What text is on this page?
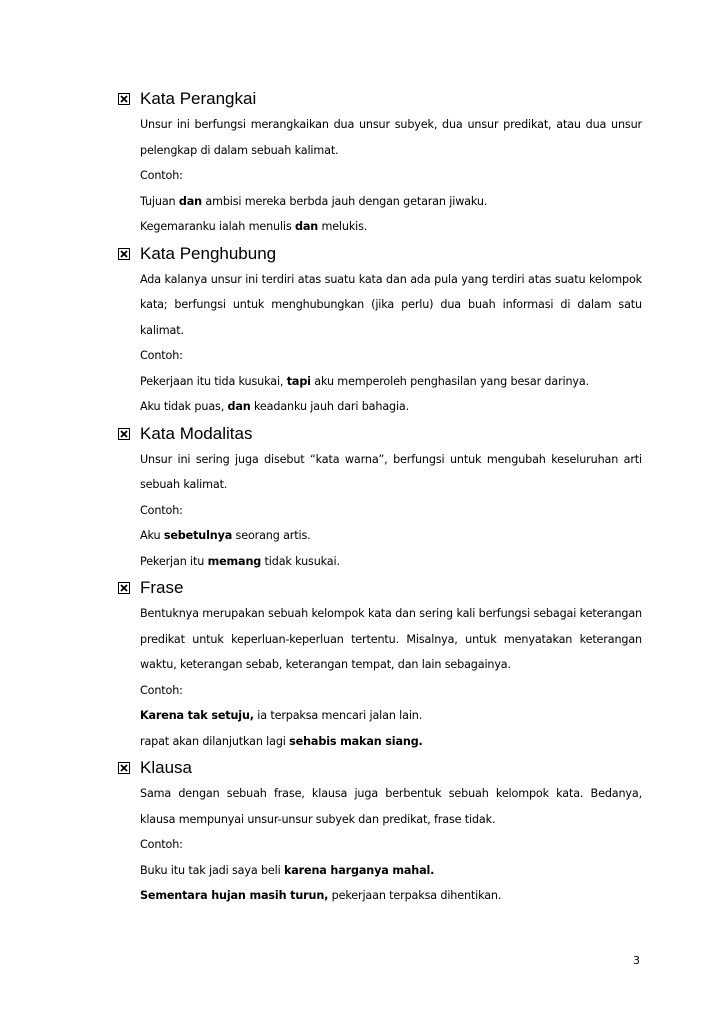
Kata Perangkai

Unsur ini berfungsi merangkaikan dua unsur subyek, dua unsur predikat, atau dua unsur pelengkap di dalam sebuah kalimat.

Contoh:

Tujuan dan ambisi mereka berbda jauh dengan getaran jiwaku.

Kegemaranku ialah menulis dan melukis.

Kata Penghubung

Ada kalanya unsur ini terdiri atas suatu kata dan ada pula yang terdiri atas suatu kelompok kata; berfungsi untuk menghubungkan (jika perlu) dua buah informasi di dalam satu kalimat.

Contoh:

Pekerjaan itu tida kusukai, tapi aku memperoleh penghasilan yang besar darinya.

Aku tidak puas, dan keadanku jauh dari bahagia.

Kata Modalitas

Unsur ini sering juga disebut “kata warna”, berfungsi untuk mengubah keseluruhan arti sebuah kalimat.

Contoh:

Aku sebetulnya seorang artis.

Pekerjan itu memang tidak kusukai.

Frase

Bentuknya merupakan sebuah kelompok kata dan sering kali berfungsi sebagai keterangan predikat untuk keperluan-keperluan tertentu. Misalnya, untuk menyatakan keterangan waktu, keterangan sebab, keterangan tempat, dan lain sebagainya.

Contoh:

Karena tak setuju, ia terpaksa mencari jalan lain.

rapat akan dilanjutkan lagi sehabis makan siang.

Klausa

Sama dengan sebuah frase, klausa juga berbentuk sebuah kelompok kata. Bedanya, klausa mempunyai unsur-unsur subyek dan predikat, frase tidak.

Contoh:

Buku itu tak jadi saya beli karena harganya mahal.

Sementara hujan masih turun, pekerjaan terpaksa dihentikan.

3
